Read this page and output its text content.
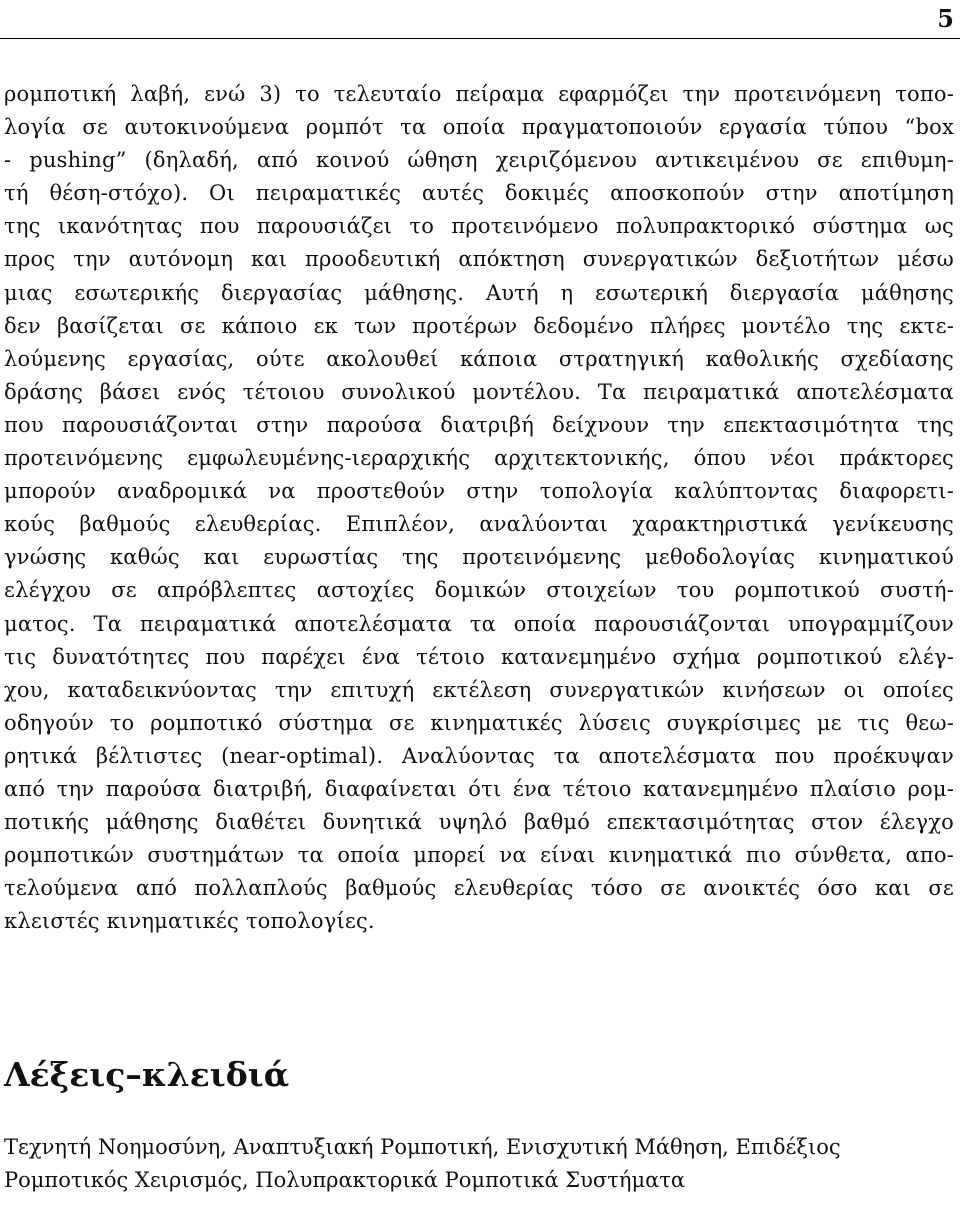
5
ρομποτική λαβή, ενώ 3) το τελευταίο πείραμα εφαρμόζει την προτεινόμενη τοπο-
λογία σε αυτοκινούμενα ρομπότ τα οποία πραγματοποιούν εργασία τύπου “box
- pushing” (δηλαδή, από κοινού ώθηση χειριζόμενου αντικειμένου σε επιθυμη-
τή θέση-στόχο). Οι πειραματικές αυτές δοκιμές αποσκοπούν στην αποτίμηση
της ικανότητας που παρουσιάζει το προτεινόμενο πολυπρακτορικό σύστημα ως
προς την αυτόνομη και προοδευτική απόκτηση συνεργατικών δεξιοτήτων μέσω
μιας εσωτερικής διεργασίας μάθησης. Αυτή η εσωτερική διεργασία μάθησης
δεν βασίζεται σε κάποιο εκ των προτέρων δεδομένο πλήρες μοντέλο της εκτε-
λούμενης εργασίας, ούτε ακολουθεί κάποια στρατηγική καθολικής σχεδίασης
δράσης βάσει ενός τέτοιου συνολικού μοντέλου. Τα πειραματικά αποτελέσματα
που παρουσιάζονται στην παρούσα διατριβή δείχνουν την επεκτασιμότητα της
προτεινόμενης εμφωλευμένης-ιεραρχικής αρχιτεκτονικής, όπου νέοι πράκτορες
μπορούν αναδρομικά να προστεθούν στην τοπολογία καλύπτοντας διαφορετι-
κούς βαθμούς ελευθερίας. Επιπλέον, αναλύονται χαρακτηριστικά γενίκευσης
γνώσης καθώς και ευρωστίας της προτεινόμενης μεθοδολογίας κινηματικού
ελέγχου σε απρόβλεπτες αστοχίες δομικών στοιχείων του ρομποτικού συστή-
ματος. Τα πειραματικά αποτελέσματα τα οποία παρουσιάζονται υπογραμμίζουν
τις δυνατότητες που παρέχει ένα τέτοιο κατανεμημένο σχήμα ρομποτικού ελέγ-
χου, καταδεικνύοντας την επιτυχή εκτέλεση συνεργατικών κινήσεων οι οποίες
οδηγούν το ρομποτικό σύστημα σε κινηματικές λύσεις συγκρίσιμες με τις θεω-
ρητικά βέλτιστες (near-optimal). Αναλύοντας τα αποτελέσματα που προέκυψαν
από την παρούσα διατριβή, διαφαίνεται ότι ένα τέτοιο κατανεμημένο πλαίσιο ρομ-
ποτικής μάθησης διαθέτει δυνητικά υψηλό βαθμό επεκτασιμότητας στον έλεγχο
ρομποτικών συστημάτων τα οποία μπορεί να είναι κινηματικά πιο σύνθετα, απο-
τελούμενα από πολλαπλούς βαθμούς ελευθερίας τόσο σε ανοικτές όσο και σε
κλειστές κινηματικές τοπολογίες.
Λέξεις–κλειδιά
Τεχνητή Νοημοσύνη, Αναπτυξιακή Ρομποτική, Ενισχυτική Μάθηση, Επιδέξιος
Ρομποτικός Χειρισμός, Πολυπρακτορικά Ρομποτικά Συστήματα
